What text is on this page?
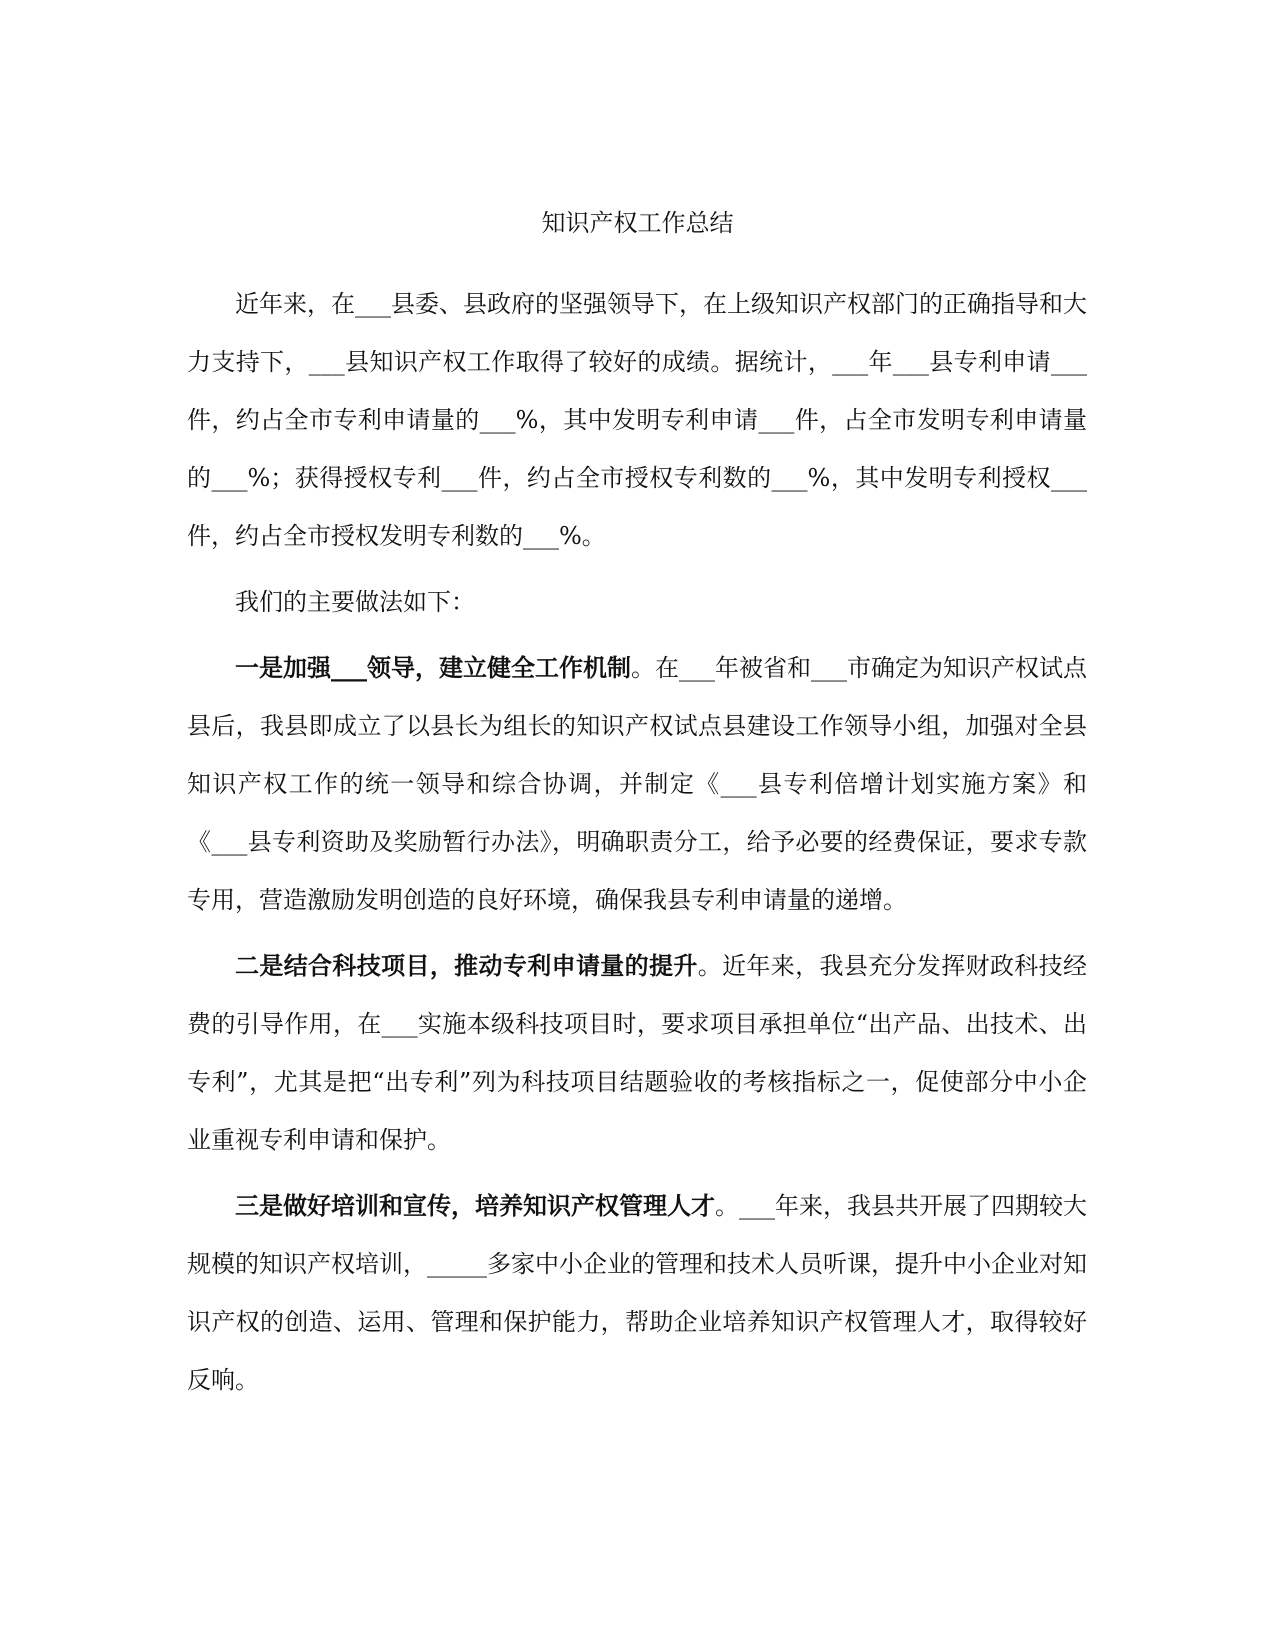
知识产权工作总结

近年来，在___县委、县政府的坚强领导下，在上级知识产权部门的正确指导和大力支持下，___县知识产权工作取得了较好的成绩。据统计，___年___县专利申请___件，约占全市专利申请量的___%，其中发明专利申请___件，占全市发明专利申请量的___%；获得授权专利___件，约占全市授权专利数的___%，其中发明专利授权___件，约占全市授权发明专利数的___%。

我们的主要做法如下：

一是加强___领导，建立健全工作机制。在___年被省和___市确定为知识产权试点县后，我县即成立了以县长为组长的知识产权试点县建设工作领导小组，加强对全县知识产权工作的统一领导和综合协调，并制定《___县专利倍增计划实施方案》和《___县专利资助及奖励暂行办法》，明确职责分工，给予必要的经费保证，要求专款专用，营造激励发明创造的良好环境，确保我县专利申请量的递增。

二是结合科技项目，推动专利申请量的提升。近年来，我县充分发挥财政科技经费的引导作用，在___实施本级科技项目时，要求项目承担单位“出产品、出技术、出专利”，尤其是把“出专利”列为科技项目结题验收的考核指标之一，促使部分中小企业重视专利申请和保护。

三是做好培训和宣传，培养知识产权管理人才。___年来，我县共开展了四期较大规模的知识产权培训，_____多家中小企业的管理和技术人员听课，提升中小企业对知识产权的创造、运用、管理和保护能力，帮助企业培养知识产权管理人才，取得较好反响。
